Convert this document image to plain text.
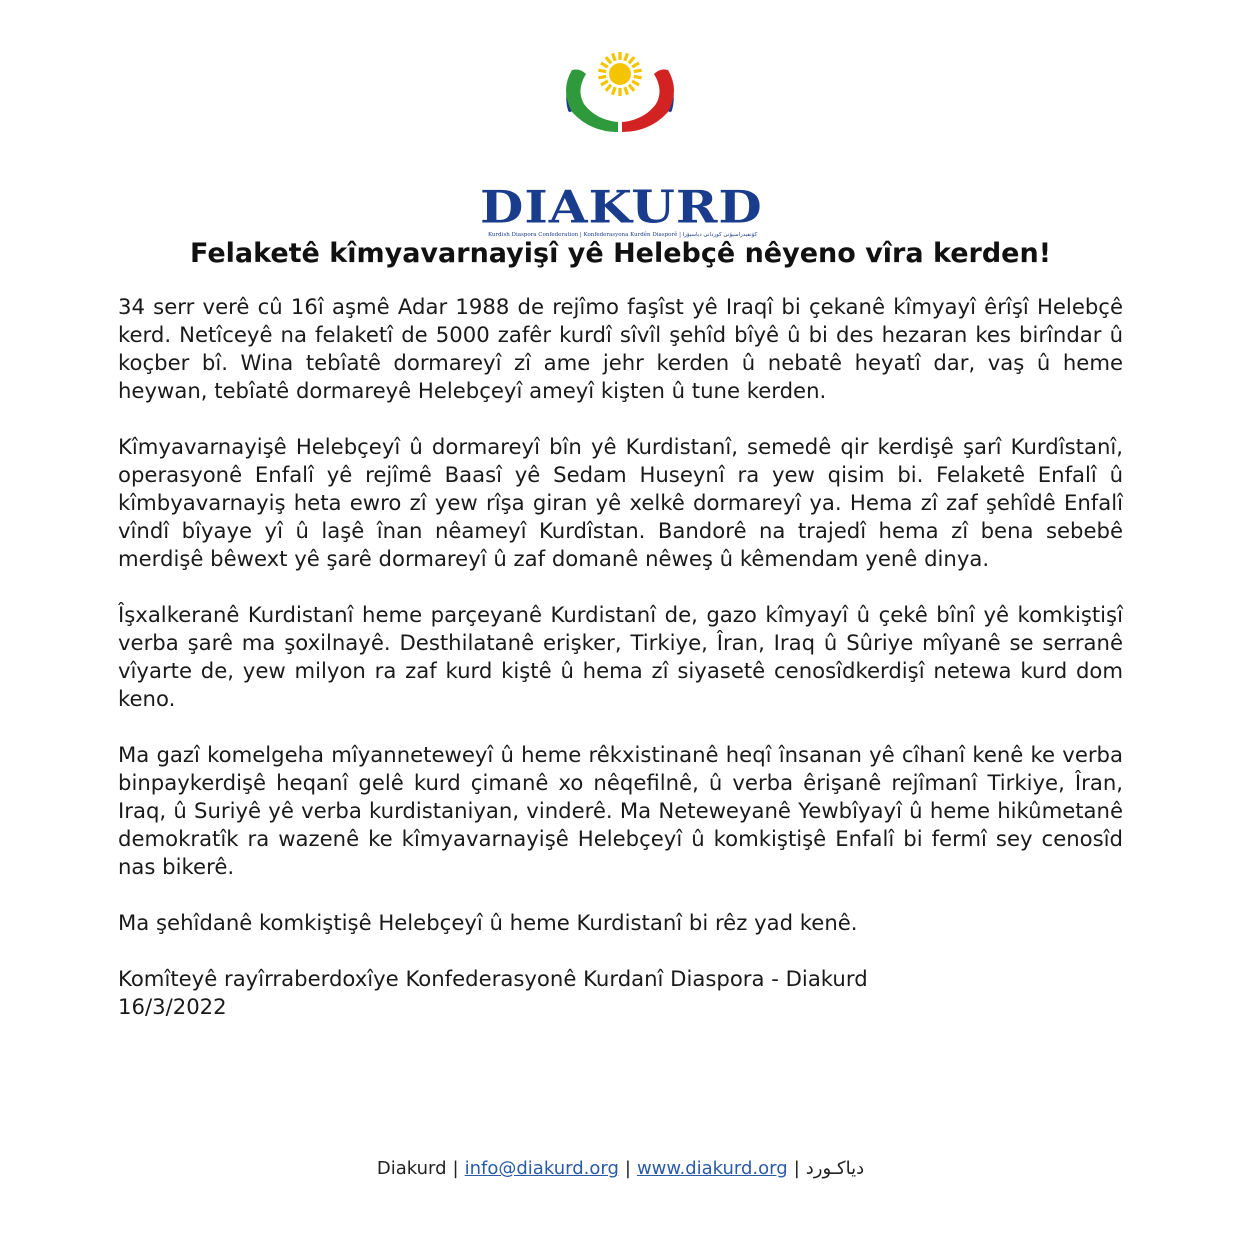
DIAKURD
Kurdish Diaspora Confederation | Konfederasyona Kurdên Diasporê | كۆنفیدراسیۆنی كوردانی دیاسپۆرا
Felaketê kîmyavarnayişî yê Helebçê nêyeno vîra kerden!

34 serr verê cû 16î aşmê Adar 1988 de rejîmo faşîst yê Iraqî bi çekanê kîmyayî êrîşî Helebçê kerd. Netîceyê na felaketî de 5000 zafêr kurdî sîvîl şehîd bîyê û bi des hezaran kes birîndar û koçber bî. Wina tebîatê dormareyî zî ame jehr kerden û nebatê heyatî dar, vaş û heme heywan, tebîatê dormareyê Helebçeyî ameyî kişten û tune kerden.

Kîmyavarnayişê Helebçeyî û dormareyî bîn yê Kurdistanî, semedê qir kerdişê şarî Kurdîstanî, operasyonê Enfalî yê rejîmê Baasî yê Sedam Huseynî ra yew qisim bi. Felaketê Enfalî û kîmbyavarnayiş heta ewro zî yew rîşa giran yê xelkê dormareyî ya. Hema zî zaf şehîdê Enfalî vîndî bîyaye yî û laşê înan nêameyî Kurdîstan. Bandorê na trajedî hema zî bena sebebê merdişê bêwext yê şarê dormareyî û zaf domanê nêweş û kêmendam yenê dinya.

Îşxalkeranê Kurdistanî heme parçeyanê Kurdistanî de, gazo kîmyayî û çekê bînî yê komkiştişî verba şarê ma şoxilnayê. Desthilatanê erişker, Tirkiye, Îran, Iraq û Sûriye mîyanê se serranê vîyarte de, yew milyon ra zaf kurd kiştê û hema zî siyasetê cenosîdkerdişî netewa kurd dom keno.

Ma gazî komelgeha mîyanneteweyî û heme rêkxistinanê heqî însanan yê cîhanî kenê ke verba binpaykerdişê heqanî gelê kurd çimanê xo nêqefilnê, û verba êrişanê rejîmanî Tirkiye, Îran, Iraq, û Suriyê yê verba kurdistaniyan, vinderê. Ma Neteweyanê Yewbîyayî û heme hikûmetanê demokratîk ra wazenê ke kîmyavarnayişê Helebçeyî û komkiştişê Enfalî bi fermî sey cenosîd nas bikerê.

Ma şehîdanê komkiştişê Helebçeyî û heme Kurdistanî bi rêz yad kenê.

Komîteyê rayîrraberdoxîye Konfederasyonê Kurdanî Diaspora - Diakurd

16/3/2022

Diakurd | info@diakurd.org | www.diakurd.org | دیاکـورد
